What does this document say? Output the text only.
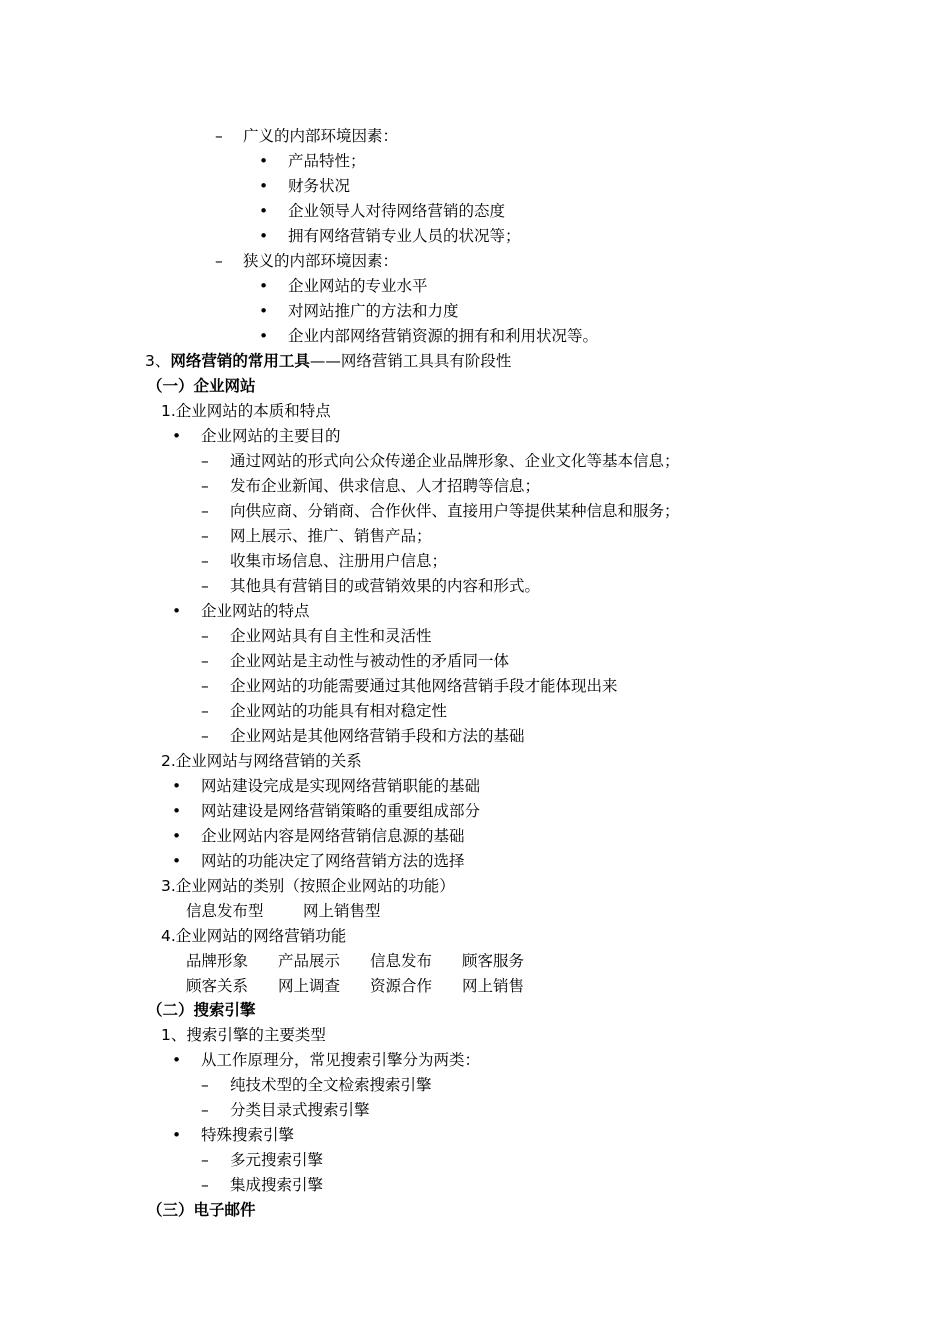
– 广义的内部环境因素：
• 产品特性；
• 财务状况
• 企业领导人对待网络营销的态度
• 拥有网络营销专业人员的状况等；
– 狭义的内部环境因素：
• 企业网站的专业水平
• 对网站推广的方法和力度
• 企业内部网络营销资源的拥有和利用状况等。
3、网络营销的常用工具——网络营销工具具有阶段性
（一）企业网站
1.企业网站的本质和特点
• 企业网站的主要目的
– 通过网站的形式向公众传递企业品牌形象、企业文化等基本信息；
– 发布企业新闻、供求信息、人才招聘等信息；
– 向供应商、分销商、合作伙伴、直接用户等提供某种信息和服务；
– 网上展示、推广、销售产品；
– 收集市场信息、注册用户信息；
– 其他具有营销目的或营销效果的内容和形式。
• 企业网站的特点
– 企业网站具有自主性和灵活性
– 企业网站是主动性与被动性的矛盾同一体
– 企业网站的功能需要通过其他网络营销手段才能体现出来
– 企业网站的功能具有相对稳定性
– 企业网站是其他网络营销手段和方法的基础
2.企业网站与网络营销的关系
• 网站建设完成是实现网络营销职能的基础
• 网站建设是网络营销策略的重要组成部分
• 企业网站内容是网络营销信息源的基础
• 网站的功能决定了网络营销方法的选择
3.企业网站的类别（按照企业网站的功能）
信息发布型	网上销售型
4.企业网站的网络营销功能
品牌形象 产品展示 信息发布 顾客服务
顾客关系 网上调查 资源合作 网上销售
（二）搜索引擎
1、搜索引擎的主要类型
• 从工作原理分，常见搜索引擎分为两类：
– 纯技术型的全文检索搜索引擎
– 分类目录式搜索引擎
• 特殊搜索引擎
– 多元搜索引擎
– 集成搜索引擎
（三）电子邮件
